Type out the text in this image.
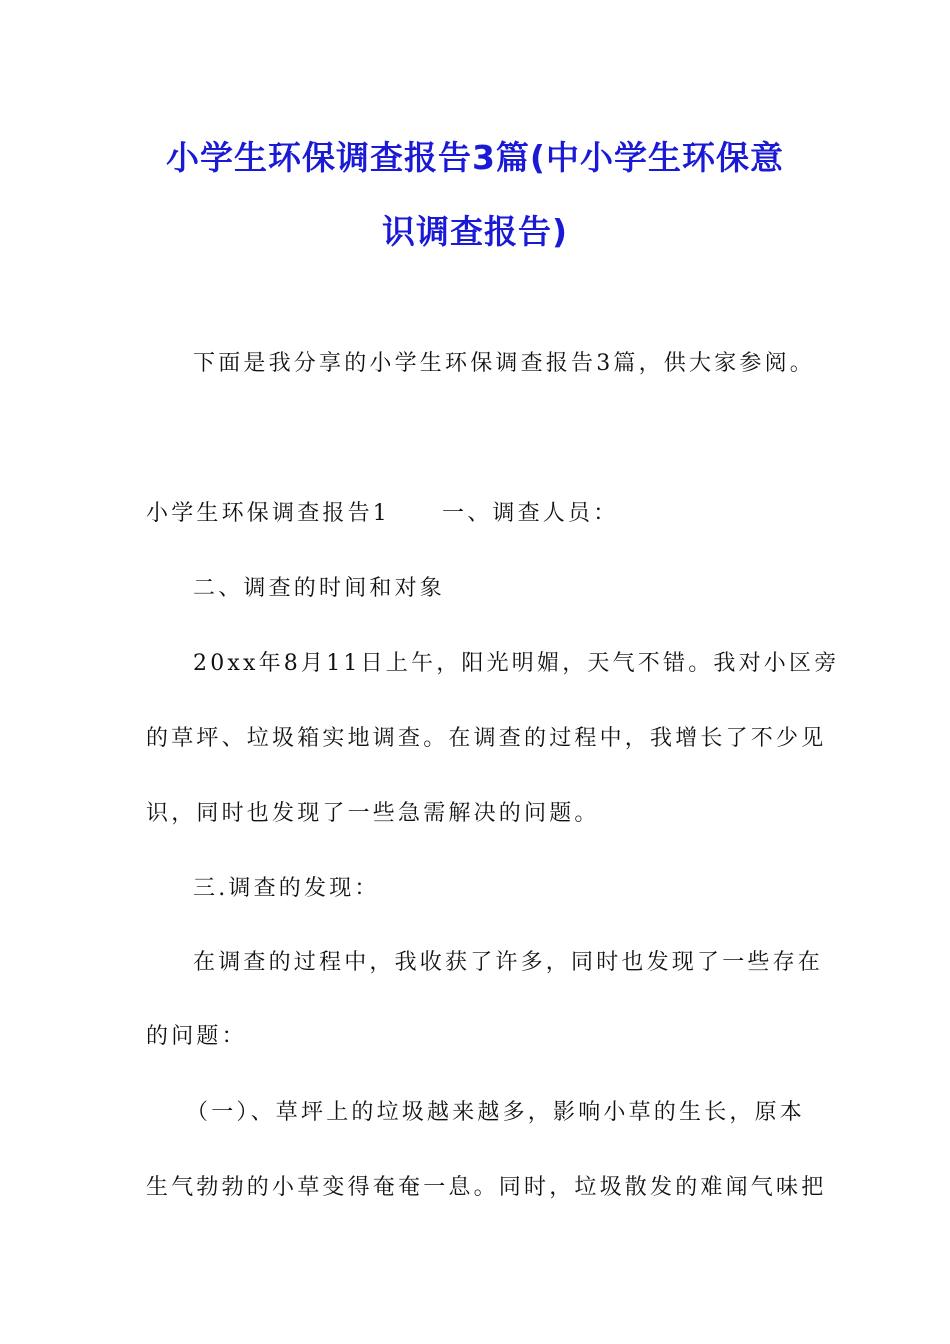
小学生环保调查报告3篇(中小学生环保意
识调查报告)
下面是我分享的小学生环保调查报告3篇，供大家参阅。
小学生环保调查报告1 一、调查人员：
二、调查的时间和对象
20xx年8月11日上午，阳光明媚，天气不错。我对小区旁
的草坪、垃圾箱实地调查。在调查的过程中，我增长了不少见
识，同时也发现了一些急需解决的问题。
三.调查的发现：
在调查的过程中，我收获了许多，同时也发现了一些存在
的问题：
（一）、草坪上的垃圾越来越多，影响小草的生长，原本
生气勃勃的小草变得奄奄一息。同时，垃圾散发的难闻气味把
